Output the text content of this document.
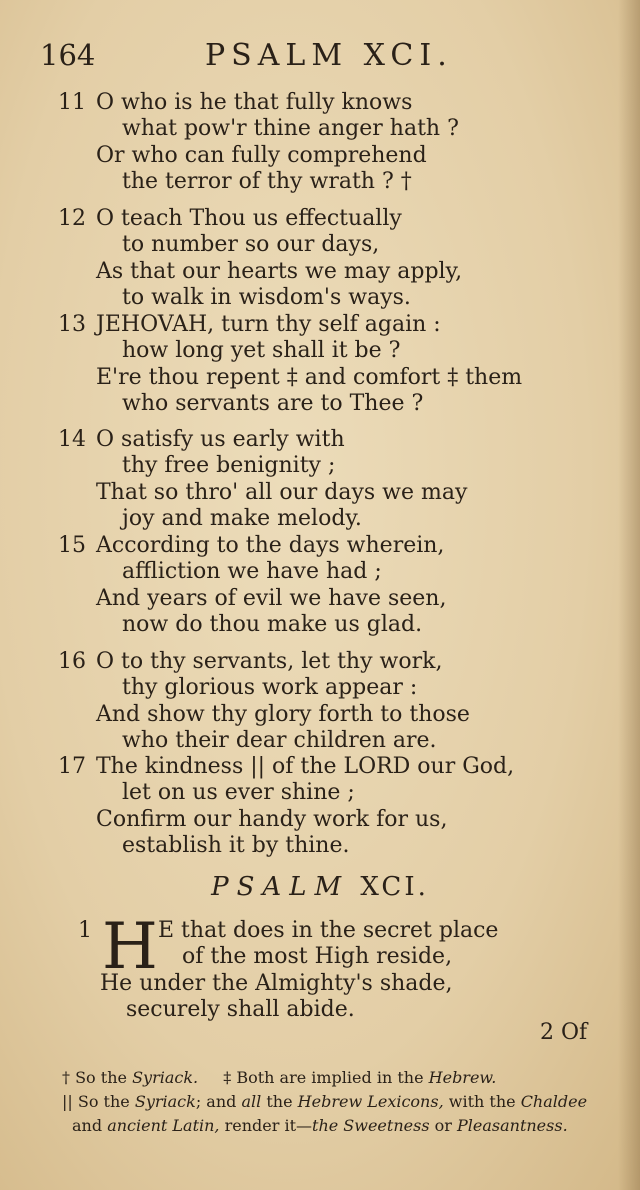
164	PSALM XCI.
11 O who is he that fully knows
what pow'r thine anger hath ?
Or who can fully comprehend
the terror of thy wrath ? †
12 O teach Thou us effectually
to number so our days,
As that our hearts we may apply,
to walk in wisdom's ways.
13 JEHOVAH, turn thy self again :
how long yet shall it be ?
E're thou repent ‡ and comfort ‡ them
who servants are to Thee ?
14 O satisfy us early with
thy free benignity ;
That so thro' all our days we may
joy and make melody.
15 According to the days wherein,
affliction we have had ;
And years of evil we have seen,
now do thou make us glad.
16 O to thy servants, let thy work,
thy glorious work appear :
And show thy glory forth to those
who their dear children are.
17 The kindness || of the LORD our God,
let on us ever shine ;
Confirm our handy work for us,
establish it by thine.
PSALM XCI.
1	E that does in the secret place
of the most High reside,
He under the Almighty's shade,
securely shall abide.
H
2 Of
† So the Syriack. ‡ Both are implied in the Hebrew.
|| So the Syriack; and all the Hebrew Lexicons, with the Chaldee
and ancient Latin, render it—the Sweetness or Pleasantness.
